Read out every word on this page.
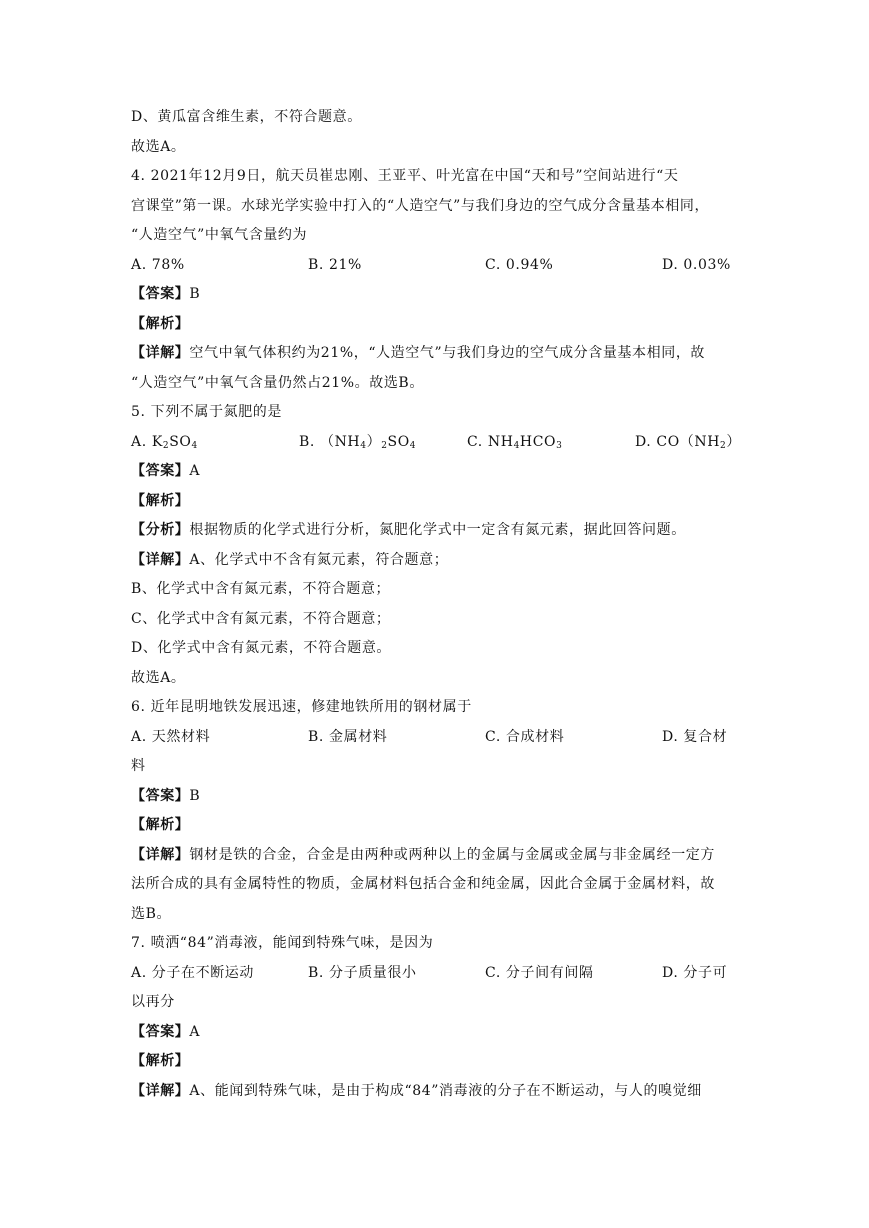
D、黄瓜富含维生素，不符合题意。
故选A。
4. 2021年12月9日，航天员崔忠刚、王亚平、叶光富在中国“天和号”空间站进行“天
宫课堂”第一课。水球光学实验中打入的“人造空气”与我们身边的空气成分含量基本相同，
“人造空气”中氧气含量约为
A. 78%	B. 21%	C. 0.94%	D. 0.03%
【答案】B
【解析】
【详解】空气中氧气体积约为21%，“人造空气”与我们身边的空气成分含量基本相同，故
“人造空气”中氧气含量仍然占21%。故选B。
5. 下列不属于氮肥的是
A. $K_2SO_4$	B. $(NH_4)_2SO_4$	C. $NH_4HCO_3$	D. $CO(NH_2)$
【答案】A
【解析】
【分析】根据物质的化学式进行分析，氮肥化学式中一定含有氮元素，据此回答问题。
【详解】A、化学式中不含有氮元素，符合题意；
B、化学式中含有氮元素，不符合题意；
C、化学式中含有氮元素，不符合题意；
D、化学式中含有氮元素，不符合题意。
故选A。
6. 近年昆明地铁发展迅速，修建地铁所用的钢材属于
A. 天然材料	B. 金属材料	C. 合成材料	D. 复合材
料
【答案】B
【解析】
【详解】钢材是铁的合金，合金是由两种或两种以上的金属与金属或金属与非金属经一定方
法所合成的具有金属特性的物质，金属材料包括合金和纯金属，因此合金属于金属材料，故
选B。
7. 喷洒“84”消毒液，能闻到特殊气味，是因为
A. 分子在不断运动	B. 分子质量很小	C. 分子间有间隔	D. 分子可
以再分
【答案】A
【解析】
【详解】A、能闻到特殊气味，是由于构成“84”消毒液的分子在不断运动，与人的嗅觉细
